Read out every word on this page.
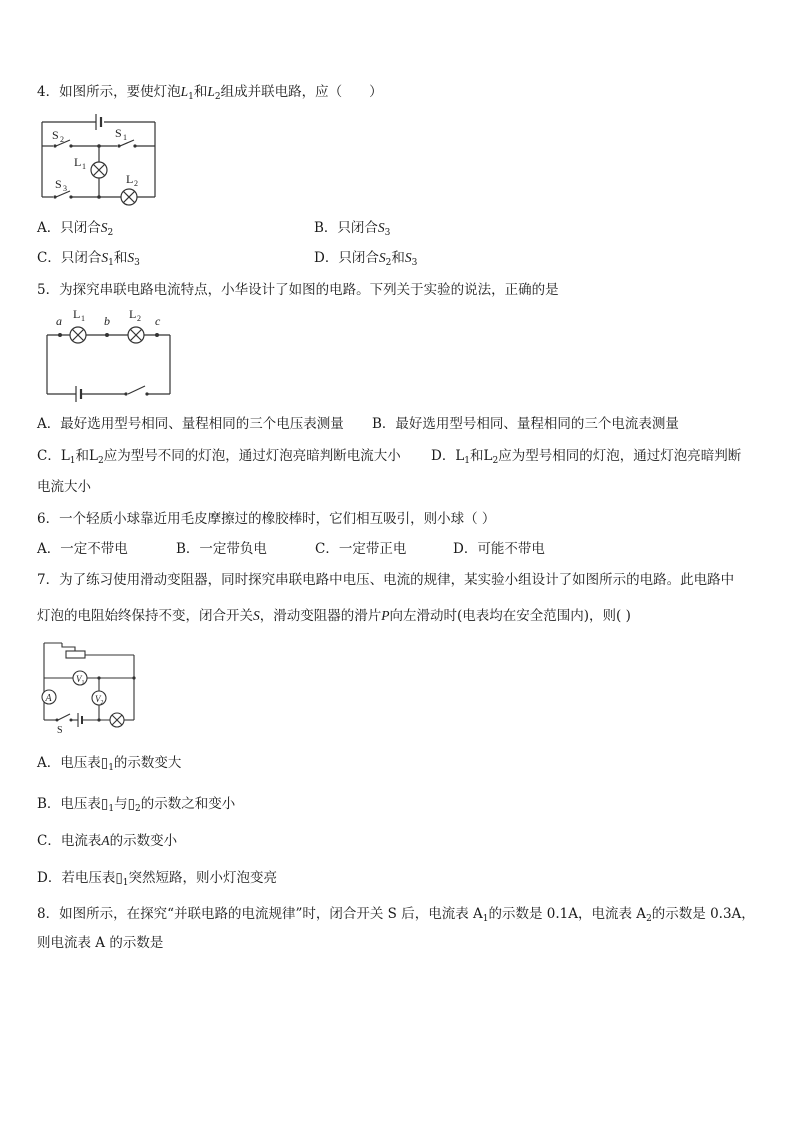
4．如图所示，要使灯泡$L_1$和$L_2$组成并联电路，应（　　）
S 2	S 1
L 1
S 3
L 2
A．只闭合$S_2$	B．只闭合$S_3$
C．只闭合$S_1$和$S_3$	D．只闭合$S_2$和$S_3$
5．为探究串联电路电流特点，小华设计了如图的电路。下列关于实验的说法，正确的是
a	b	c
L 1	L 2
A．最好选用型号相同、量程相同的三个电压表测量 B．最好选用型号相同、量程相同的三个电流表测量
C．$L_1$和$L_2$应为型号不同的灯泡，通过灯泡亮暗判断电流大小 D．$L_1$和$L_2$应为型号相同的灯泡，通过灯泡亮暗判断
电流大小
6．一个轻质小球靠近用毛皮摩擦过的橡胶棒时，它们相互吸引，则小球（ ）
A．一定不带电	B．一定带负电	C．一定带正电	D．可能不带电
7．为了练习使用滑动变阻器，同时探究串联电路中电压、电流的规律，某实验小组设计了如图所示的电路。此电路中
灯泡的电阻始终保持不变，闭合开关S，滑动变阻器的滑片P向左滑动时(电表均在安全范围内)，则( )
A
V 1
V 2
S
A．电压表$▯_1$的示数变大
B．电压表$▯_1$与$▯_2$的示数之和变小
C．电流表A的示数变小
D．若电压表$▯_1$突然短路，则小灯泡变亮
8．如图所示，在探究“并联电路的电流规律”时，闭合开关 S 后，电流表 $A_1$的示数是 0.1A，电流表 $A_2$的示数是 0.3A，
则电流表 A 的示数是
